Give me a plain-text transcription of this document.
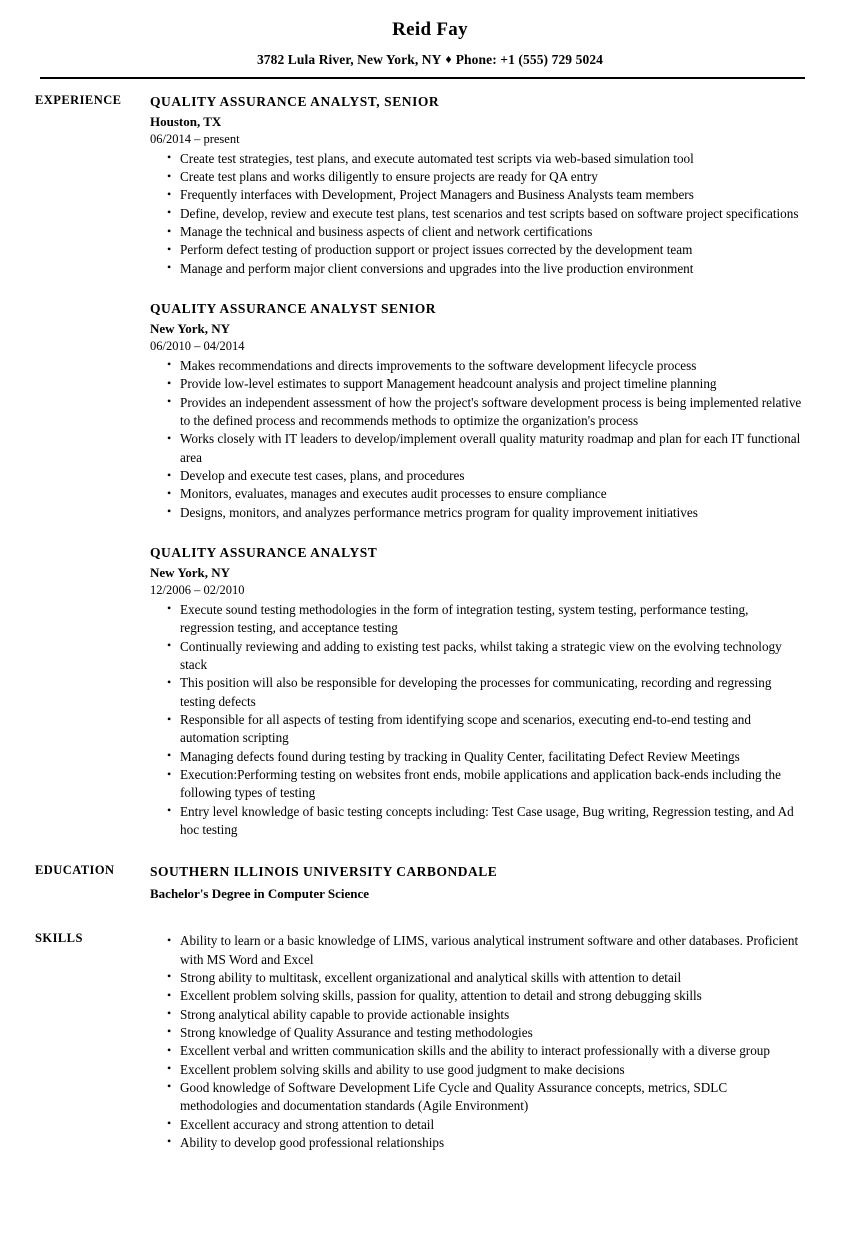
Reid Fay
3782 Lula River, New York, NY ♦ Phone: +1 (555) 729 5024
EXPERIENCE	QUALITY ASSURANCE ANALYST, SENIOR
Houston, TX
06/2014 – present
• Create test strategies, test plans, and execute automated test scripts via web-based simulation tool
• Create test plans and works diligently to ensure projects are ready for QA entry
• Frequently interfaces with Development, Project Managers and Business Analysts team members
• Define, develop, review and execute test plans, test scenarios and test scripts based on software project specifications
• Manage the technical and business aspects of client and network certifications
• Perform defect testing of production support or project issues corrected by the development team
• Manage and perform major client conversions and upgrades into the live production environment
QUALITY ASSURANCE ANALYST SENIOR
New York, NY
06/2010 – 04/2014
• Makes recommendations and directs improvements to the software development lifecycle process
• Provide low-level estimates to support Management headcount analysis and project timeline planning
• Provides an independent assessment of how the project's software development process is being implemented relative to the defined process and recommends methods to optimize the organization's process
• Works closely with IT leaders to develop/implement overall quality maturity roadmap and plan for each IT functional area
• Develop and execute test cases, plans, and procedures
• Monitors, evaluates, manages and executes audit processes to ensure compliance
• Designs, monitors, and analyzes performance metrics program for quality improvement initiatives
QUALITY ASSURANCE ANALYST
New York, NY
12/2006 – 02/2010
• Execute sound testing methodologies in the form of integration testing, system testing, performance testing, regression testing, and acceptance testing
• Continually reviewing and adding to existing test packs, whilst taking a strategic view on the evolving technology stack
• This position will also be responsible for developing the processes for communicating, recording and regressing testing defects
• Responsible for all aspects of testing from identifying scope and scenarios, executing end-to-end testing and automation scripting
• Managing defects found during testing by tracking in Quality Center, facilitating Defect Review Meetings
• Execution:Performing testing on websites front ends, mobile applications and application back-ends including the following types of testing
• Entry level knowledge of basic testing concepts including: Test Case usage, Bug writing, Regression testing, and Ad hoc testing
EDUCATION	SOUTHERN ILLINOIS UNIVERSITY CARBONDALE
Bachelor's Degree in Computer Science
SKILLS	• Ability to learn or a basic knowledge of LIMS, various analytical instrument software and other databases. Proficient with MS Word and Excel
• Strong ability to multitask, excellent organizational and analytical skills with attention to detail
• Excellent problem solving skills, passion for quality, attention to detail and strong debugging skills
• Strong analytical ability capable to provide actionable insights
• Strong knowledge of Quality Assurance and testing methodologies
• Excellent verbal and written communication skills and the ability to interact professionally with a diverse group
• Excellent problem solving skills and ability to use good judgment to make decisions
• Good knowledge of Software Development Life Cycle and Quality Assurance concepts, metrics, SDLC methodologies and documentation standards (Agile Environment)
• Excellent accuracy and strong attention to detail
• Ability to develop good professional relationships
